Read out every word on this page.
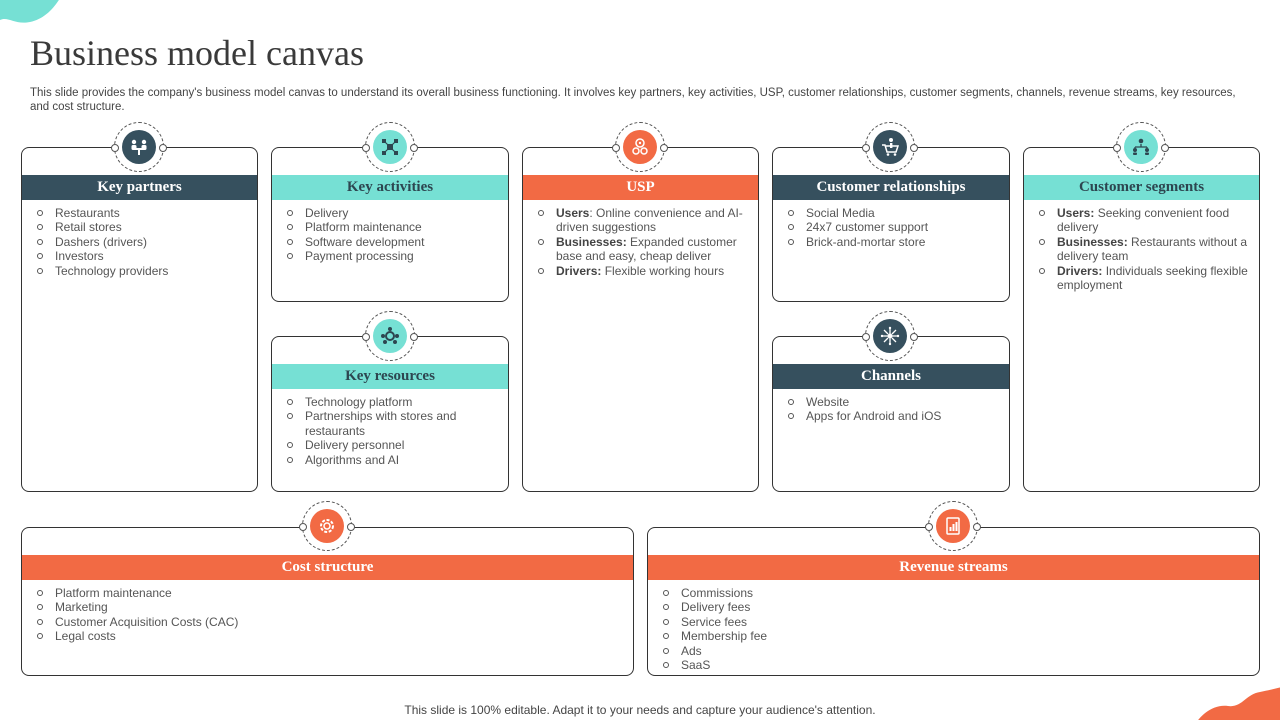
Business model canvas

This slide provides the company's business model canvas to understand its overall business functioning. It involves key partners, key activities, USP, customer relationships, customer segments, channels, revenue streams, key resources, and cost structure.

Key partners
Restaurants
Retail stores
Dashers (drivers)
Investors
Technology providers
Key activities
Delivery
Platform maintenance
Software development
Payment processing
USP
Users: Online convenience and AI-driven suggestions
Businesses: Expanded customer base and easy, cheap deliver
Drivers: Flexible working hours
Customer relationships
Social Media
24x7 customer support
Brick-and-mortar store
Customer segments
Users: Seeking convenient food delivery
Businesses: Restaurants without a delivery team
Drivers: Individuals seeking flexible employment
Key resources
Technology platform
Partnerships with stores and restaurants
Delivery personnel
Algorithms and AI
Channels
Website
Apps for Android and iOS
Cost structure
Platform maintenance
Marketing
Customer Acquisition Costs (CAC)
Legal costs
Revenue streams
Commissions
Delivery fees
Service fees
Membership fee
Ads
SaaS
This slide is 100% editable. Adapt it to your needs and capture your audience's attention.
